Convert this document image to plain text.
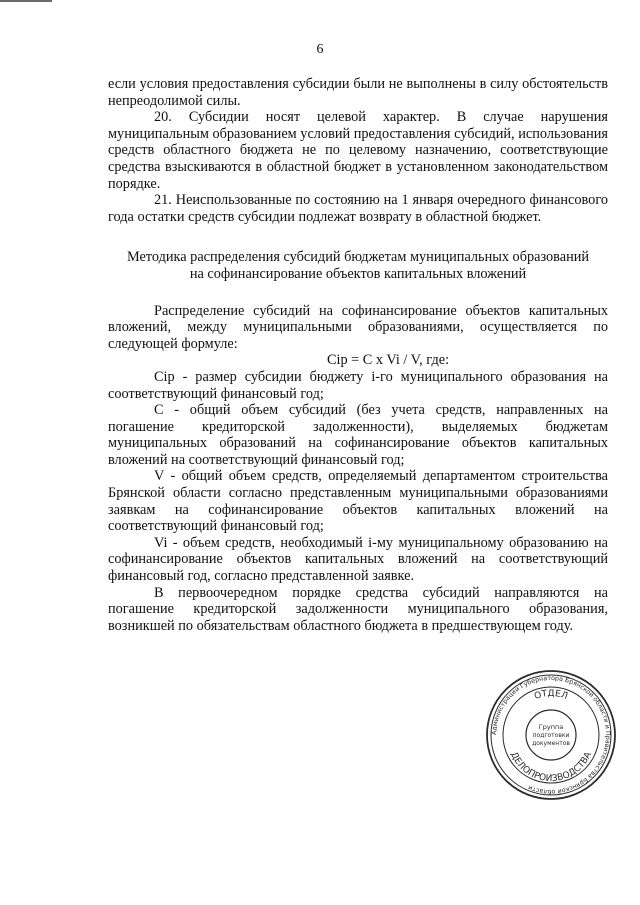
6

если условия предоставления субсидии были не выполнены в силу обстоятельств непреодолимой силы.

20. Субсидии носят целевой характер. В случае нарушения муниципальным образованием условий предоставления субсидий, использования средств областного бюджета не по целевому назначению, соответствующие средства взыскиваются в областной бюджет в установленном законодательством порядке.

21. Неиспользованные по состоянию на 1 января очередного финансового года остатки средств субсидии подлежат возврату в областной бюджет.

Методика распределения субсидий бюджетам муниципальных образований
на софинансирование объектов капитальных вложений

Распределение субсидий на софинансирование объектов капитальных вложений, между муниципальными образованиями, осуществляется по следующей формуле:

Ciр = C x Vi / V, где:

Ciр - размер субсидии бюджету i-го муниципального образования на соответствующий финансовый год;

С - общий объем субсидий (без учета средств, направленных на погашение кредиторской задолженности), выделяемых бюджетам муниципальных образований на софинансирование объектов капитальных вложений на соответствующий финансовый год;

V - общий объем средств, определяемый департаментом строительства Брянской области согласно представленным муниципальными образованиями заявкам на софинансирование объектов капитальных вложений на соответствующий финансовый год;

Vi - объем средств, необходимый i-му муниципальному образованию на софинансирование объектов капитальных вложений на соответствующий финансовый год, согласно представленной заявке.

В первоочередном порядке средства субсидий направляются на погашение кредиторской задолженности муниципального образования, возникшей по обязательствам областного бюджета в предшествующем году.

Администрации Губернатора Брянской области и Правительства Брянской области
ОТДЕЛ
ДЕЛОПРОИЗВОДСТВА
Группа
подготовки
документов
